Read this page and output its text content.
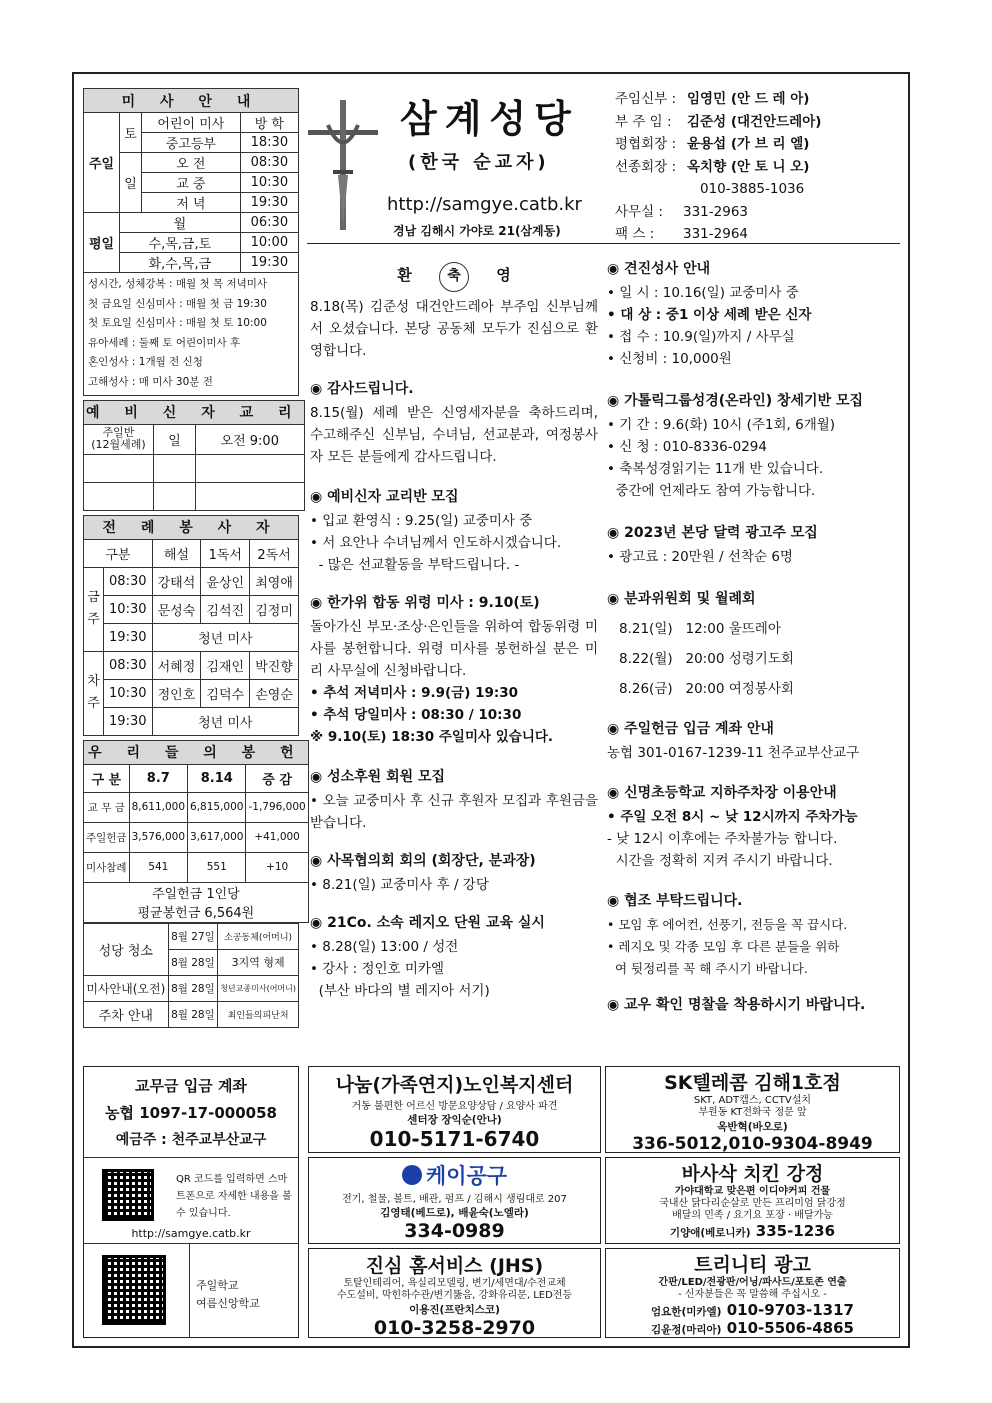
미 사 안 내			
주일	토	어린이 미사	방 학
		중고등부	18:30
	일	오 전	08:30
		교 중	10:30
		저 녁	19:30
평일	월		06:30
	수,목,금,토		10:00
	화,수,목,금		19:30
성시간, 성체강복 : 매월 첫 목 저녁미사
첫 금요일 신심미사 : 매월 첫 금 19:30
첫 토요일 신심미사 : 매월 첫 토 10:00
유아세례 : 둘째 토 어린이미사 후
혼인성사 : 1개월 전 신청
고해성사 : 매 미사 30분 전
예 비 신 자 교 리		
주일반
(12월세례)	일	오전 9:00

전 례 봉 사 자				
구분		해설	1독서	2독서
금주	08:30	강태석	윤상인	최영애
	10:30	문성숙	김석진	김정미
	19:30	청년 미사		
차주	08:30	서혜정	김재인	박진향
	10:30	정인호	김덕수	손영순
	19:30	청년 미사		
우 리 들 의 봉 헌			
구 분	8.7	8.14	증 감
교 무 금	8,611,000	6,815,000	-1,796,000
주일헌금	3,576,000	3,617,000	+41,000
미사참례	541	551	+10
주일헌금 1인당			
평균봉헌금 6,564원			
성당 청소	8월 27일	소공동체(어머니)
	8월 28일	3지역 형제
미사안내(오전)	8월 28일	청년교종미사(어머니)
주차 안내	8월 28일	최인들의피난처
삼계성당
(한국 순교자)
http://samgye.catb.kr
경남 김해시 가야로 21(삼계동)
주임신부 : 임영민 (안 드 레 아)
부 주 임 :	김준성 (대건안드레아)
평협회장 : 윤용섭 (가 브 리 엘)
선종회장 : 옥치향 (안 토 니 오)
010-3885-1036
사무실 :	331-2963
팩 스 :	331-2964
환	축 영
8.18(목) 김준성 대건안드레아 부주임 신부님께서 오셨습니다. 본당 공동체 모두가 진심으로 환영합니다.
◉ 감사드립니다.
8.15(월) 세례 받은 신영세자분을 축하드리며, 수고해주신 신부님, 수녀님, 선교분과, 여정봉사자 모든 분들에게 감사드립니다.
◉ 예비신자 교리반 모집
• 입교 환영식 : 9.25(일) 교중미사 중
• 서 요안나 수녀님께서 인도하시겠습니다.
- 많은 선교활동을 부탁드립니다. -
◉ 한가위 합동 위령 미사 : 9.10(토)
돌아가신 부모·조상·은인들을 위하여 합동위령 미사를 봉헌합니다. 위령 미사를 봉헌하실 분은 미리 사무실에 신청바랍니다.
• 추석 저녁미사 : 9.9(금) 19:30
• 추석 당일미사 : 08:30 / 10:30
※ 9.10(토) 18:30 주일미사 있습니다.
◉ 성소후원 회원 모집
• 오늘 교중미사 후 신규 후원자 모집과 후원금을 받습니다.
◉ 사목협의회 회의 (회장단, 분과장)
• 8.21(일) 교중미사 후 / 강당
◉ 21Co. 소속 레지오 단원 교육 실시
• 8.28(일) 13:00 / 성전
• 강사 : 정인호 미카엘
(부산 바다의 별 레지아 서기)
◉ 견진성사 안내
• 일 시 : 10.16(일) 교중미사 중
• 대 상 : 중1 이상 세례 받은 신자
• 접 수 : 10.9(일)까지 / 사무실
• 신청비 : 10,000원
◉ 가톨릭그룹성경(온라인) 창세기반 모집
• 기 간 : 9.6(화) 10시 (주1회, 6개월)
• 신 청 : 010-8336-0294
• 축복성경읽기는 11개 반 있습니다.
중간에 언제라도 참여 가능합니다.
◉ 2023년 본당 달력 광고주 모집
• 광고료 : 20만원 / 선착순 6명
◉ 분과위원회 및 월례회
8.21(일)   12:00 울뜨레아
8.22(월)   20:00 성령기도회
8.26(금)   20:00 여정봉사회
◉ 주일헌금 입금 계좌 안내
농협 301-0167-1239-11 천주교부산교구
◉ 신명초등학교 지하주차장 이용안내
• 주일 오전 8시 ~ 낮 12시까지 주차가능
- 낮 12시 이후에는 주차불가능 합니다.
시간을 정확히 지켜 주시기 바랍니다.
◉ 협조 부탁드립니다.
• 모임 후 에어컨, 선풍기, 전등을 꼭 끕시다.
• 레지오 및 각종 모임 후 다른 분들을 위하
여 뒷정리를 꼭 해 주시기 바랍니다.
◉ 교우 확인 명찰을 착용하시기 바랍니다.
교무금 입금 계좌
농협 1097-17-000058
예금주 : 천주교부산교구
QR 코드를 입력하면 스마트폰으로 자세한 내용을 볼 수 있습니다.
http://samgye.catb.kr
주일학교
여름신앙학교
나눔(가족연지)노인복지센터
거동 불편한 어르신 방문요양상담 / 요양사 파견
센터장 장익순(안나)
010-5171-6740
SK텔레콤 김해1호점
SKT, ADT캡스, CCTV설치
부원동 KT전화국 정문 앞
옥반혁(바오로)
336-5012,010-9304-8949
케이공구
전기, 철물, 볼트, 배관, 펌프 / 김해시 생림대로 207
김영태(베드로), 배윤숙(노엘라)
334-0989
바사삭 치킨 강정
가야대학교 맞은편 이디야커피 건물
국내산 닭다리순살로 만든 프리미엄 닭강정
배달의 민족 / 요기요 포장 · 배달가능
기양애(베로니카) 335-1236
진심 홈서비스 (JHS)
토탈인테리어, 욕실리모델링, 변기/세면대/수전교체
수도설비, 막힌하수관/변기뚫음, 강화유리문, LED전등
이용진(프란치스코)
010-3258-2970
트리니티 광고
간판/LED/전광판/어닝/파사드/포토존 연출
- 신자분들은 꼭 말씀해 주십시오 -
엄요한(미카엘) 010-9703-1317
김윤정(마리아) 010-5506-4865
